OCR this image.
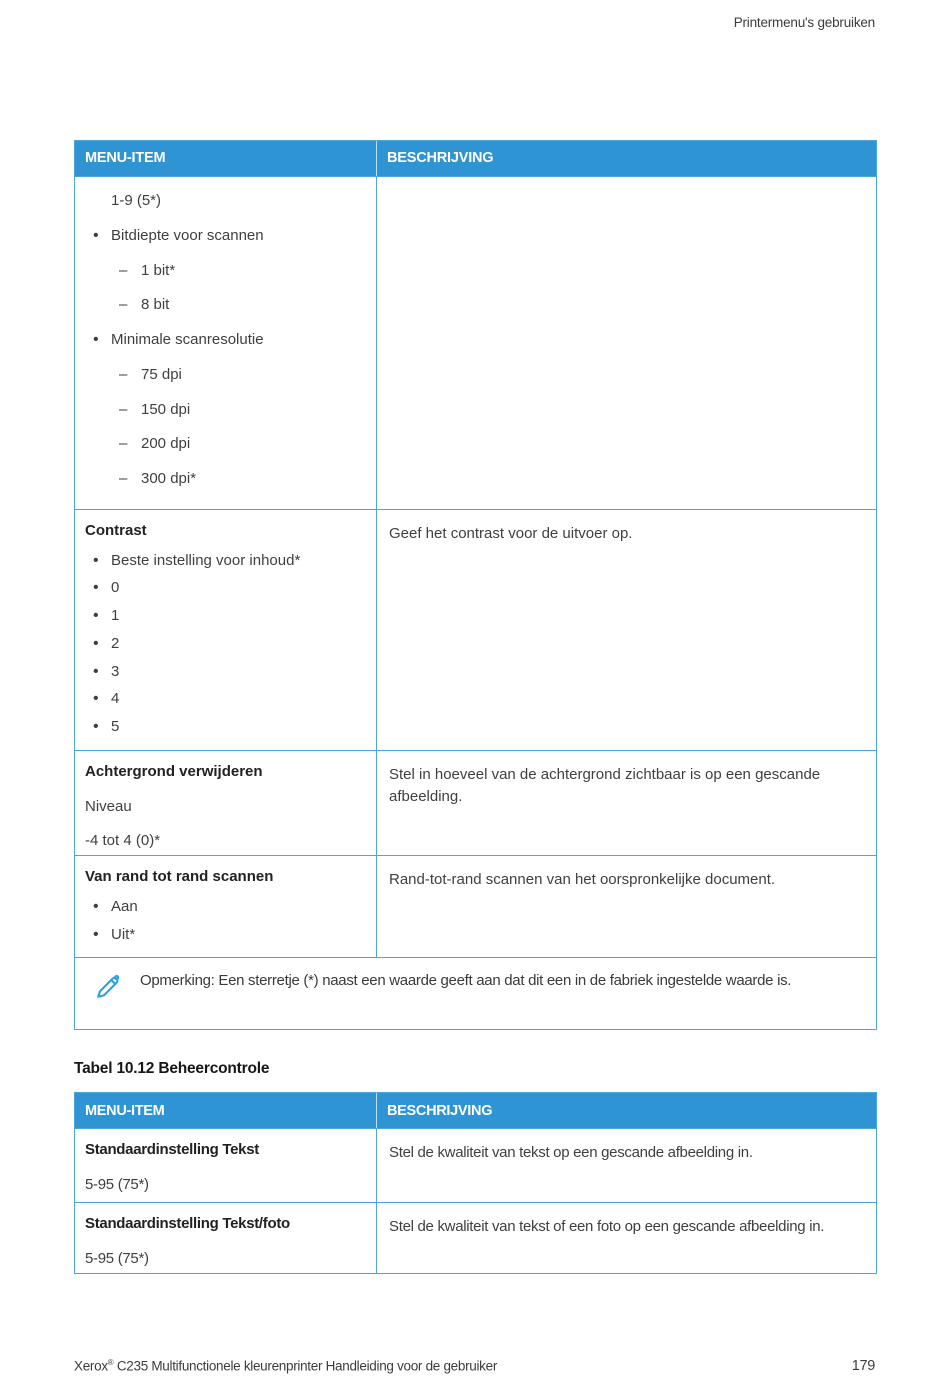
Printermenu's gebruiken
MENU-ITEM	BESCHRIJVING

1-9 (5*)
• Bitdiepte voor scannen
– 1 bit*
– 8 bit
• Minimale scanresolutie
– 75 dpi
– 150 dpi
– 200 dpi
– 300 dpi*

Contrast
• Beste instelling voor inhoud*
• 0
• 1
• 2
• 3
• 4
• 5
	Geef het contrast voor de uitvoer op.

Achtergrond verwijderen
Niveau
-4 tot 4 (0)*	Stel in hoeveel van de achtergrond zichtbaar is op een gescande afbeelding.

Van rand tot rand scannen
• Aan
• Uit*	Rand-tot-rand scannen van het oorspronkelijke document.

Opmerking: Een sterretje (*) naast een waarde geeft aan dat dit een in de fabriek ingestelde waarde is.	
Tabel 10.12 Beheercontrole
MENU-ITEM	BESCHRIJVING

Standaardinstelling Tekst
5-95 (75*)	Stel de kwaliteit van tekst op een gescande afbeelding in.

Standaardinstelling Tekst/foto
5-95 (75*)	Stel de kwaliteit van tekst of een foto op een gescande afbeelding in.
Xerox® C235 Multifunctionele kleurenprinter Handleiding voor de gebruiker	179
